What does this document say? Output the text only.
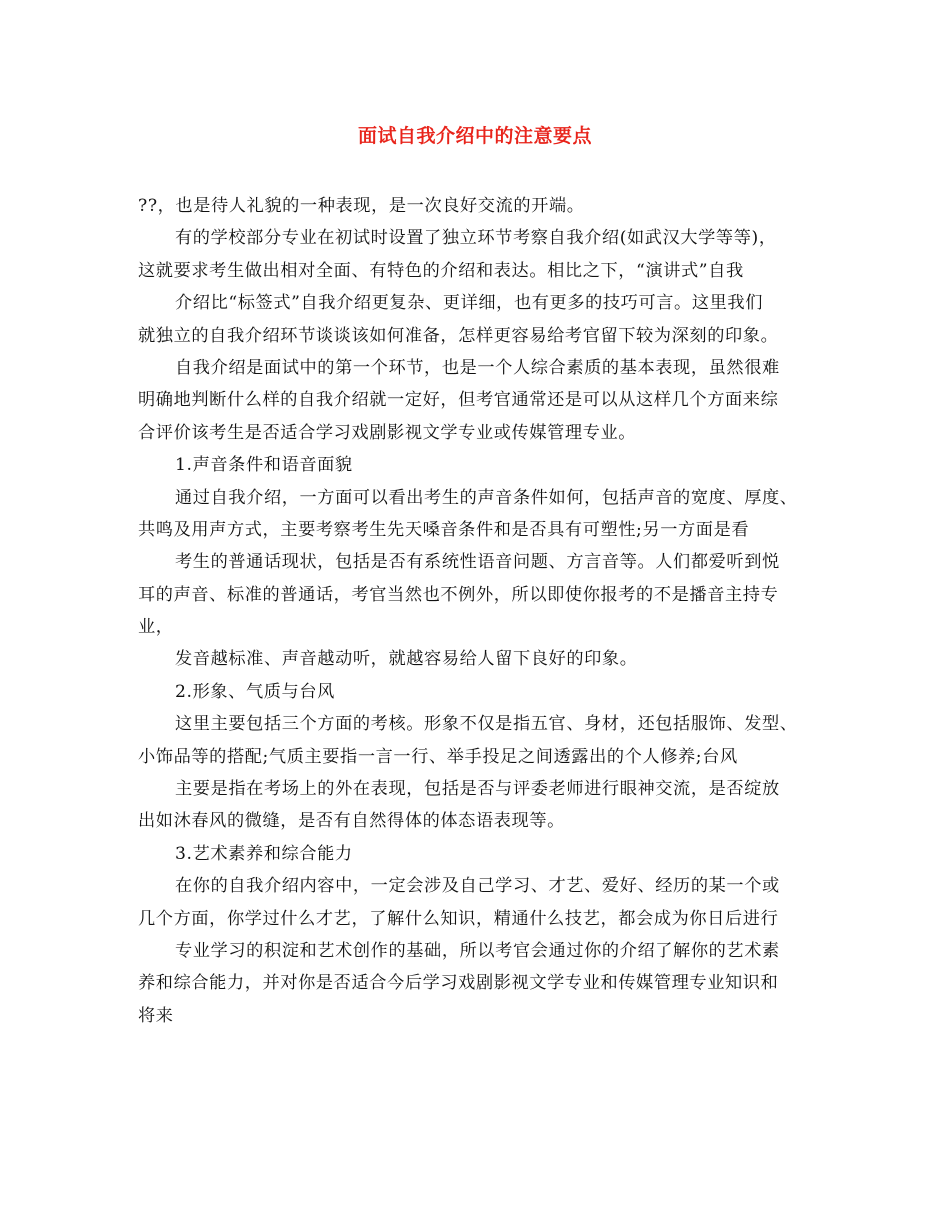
面试自我介绍中的注意要点
??，也是待人礼貌的一种表现，是一次良好交流的开端。
有的学校部分专业在初试时设置了独立环节考察自我介绍(如武汉大学等等)，
这就要求考生做出相对全面、有特色的介绍和表达。相比之下，“演讲式”自我
介绍比“标签式”自我介绍更复杂、更详细，也有更多的技巧可言。这里我们
就独立的自我介绍环节谈谈该如何准备，怎样更容易给考官留下较为深刻的印象。
自我介绍是面试中的第一个环节，也是一个人综合素质的基本表现，虽然很难
明确地判断什么样的自我介绍就一定好，但考官通常还是可以从这样几个方面来综
合评价该考生是否适合学习戏剧影视文学专业或传媒管理专业。
1.声音条件和语音面貌
通过自我介绍，一方面可以看出考生的声音条件如何，包括声音的宽度、厚度、
共鸣及用声方式，主要考察考生先天嗓音条件和是否具有可塑性;另一方面是看
考生的普通话现状，包括是否有系统性语音问题、方言音等。人们都爱听到悦
耳的声音、标准的普通话，考官当然也不例外，所以即使你报考的不是播音主持专
业，
发音越标准、声音越动听，就越容易给人留下良好的印象。
2.形象、气质与台风
这里主要包括三个方面的考核。形象不仅是指五官、身材，还包括服饰、发型、
小饰品等的搭配;气质主要指一言一行、举手投足之间透露出的个人修养;台风
主要是指在考场上的外在表现，包括是否与评委老师进行眼神交流，是否绽放
出如沐春风的微缝，是否有自然得体的体态语表现等。
3.艺术素养和综合能力
在你的自我介绍内容中，一定会涉及自己学习、才艺、爱好、经历的某一个或
几个方面，你学过什么才艺，了解什么知识，精通什么技艺，都会成为你日后进行
专业学习的积淀和艺术创作的基础，所以考官会通过你的介绍了解你的艺术素
养和综合能力，并对你是否适合今后学习戏剧影视文学专业和传媒管理专业知识和
将来
